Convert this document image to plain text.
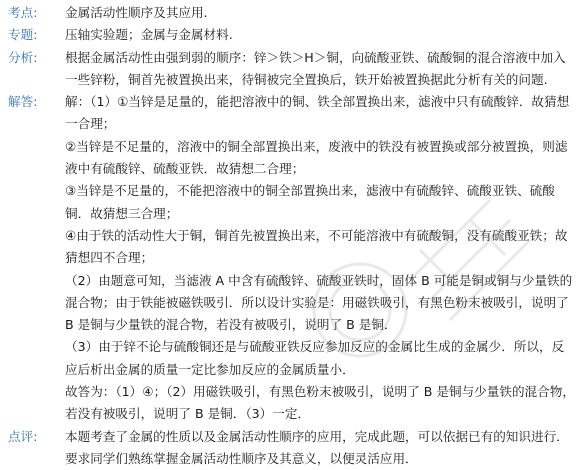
考点:	金属活动性顺序及其应用.
专题:	压轴实验题；金属与金属材料.
分析:	根据金属活动性由强到弱的顺序：锌＞铁＞H＞铜，向硫酸亚铁、硫酸铜的混合溶液中加入一些锌粉，铜首先被置换出来，待铜被完全置换后，铁开始被置换据此分析有关的问题.
解答:	解：（1）①当锌是足量的，能把溶液中的铜、铁全部置换出来，滤液中只有硫酸锌．故猜想一合理；

②当锌是不足量的，溶液中的铜全部置换出来，废液中的铁没有被置换或部分被置换，则滤液中有硫酸锌、硫酸亚铁．故猜想二合理；

③当锌是不足量的，不能把溶液中的铜全部置换出来，滤液中有硫酸锌、硫酸亚铁、硫酸铜．故猜想三合理；

④由于铁的活动性大于铜，铜首先被置换出来，不可能溶液中有硫酸铜，没有硫酸亚铁；故猜想四不合理；

（2）由题意可知，当滤液 A 中含有硫酸锌、硫酸亚铁时，固体 B 可能是铜或铜与少量铁的混合物；由于铁能被磁铁吸引．所以设计实验是：用磁铁吸引，有黑色粉末被吸引，说明了 B 是铜与少量铁的混合物，若没有被吸引，说明了 B 是铜．

（3）由于锌不论与硫酸铜还是与硫酸亚铁反应参加反应的金属比生成的金属少．所以，反应后析出金属的质量一定比参加反应的金属质量小．

故答为：（1）④；（2）用磁铁吸引，有黑色粉末被吸引，说明了 B 是铜与少量铁的混合物，若没有被吸引，说明了 B 是铜．（3）一定．

点评:	本题考查了金属的性质以及金属活动性顺序的应用，完成此题，可以依据已有的知识进行．要求同学们熟练掌握金属活动性顺序及其意义，以便灵活应用．
